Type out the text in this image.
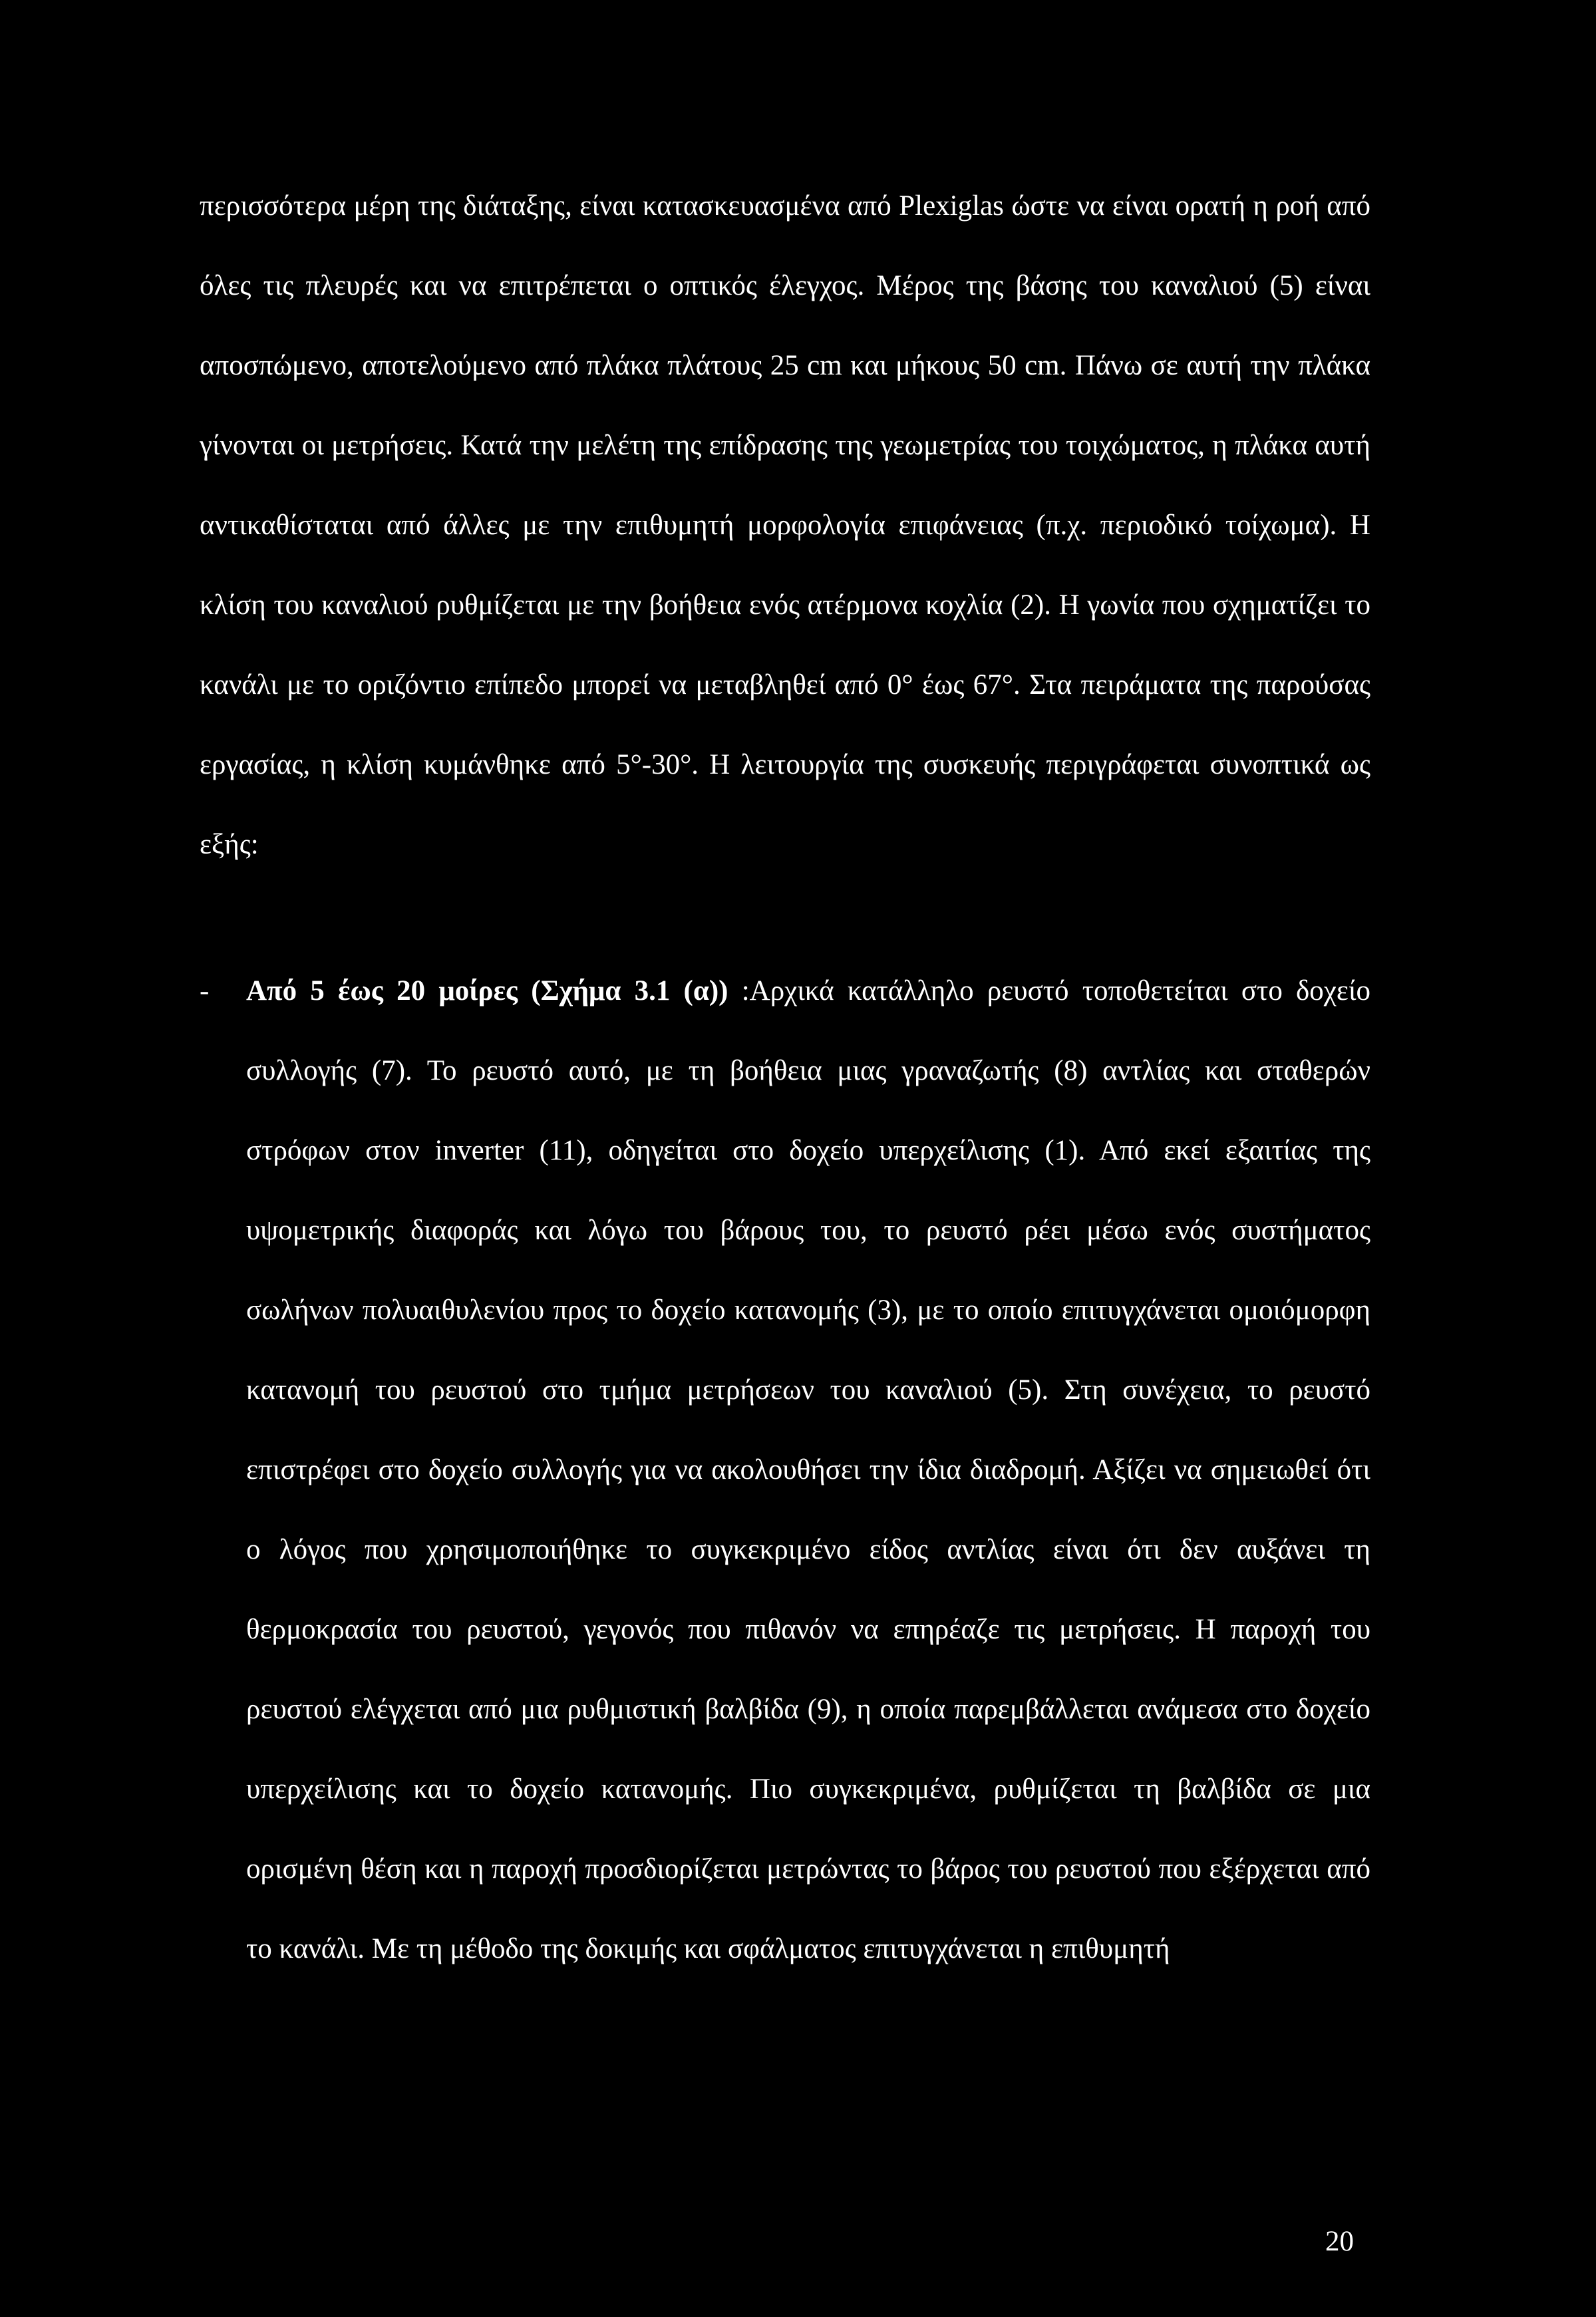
περισσότερα μέρη της διάταξης, είναι κατασκευασμένα από Plexiglas ώστε να είναι ορατή η ροή από όλες τις πλευρές και να επιτρέπεται ο οπτικός έλεγχος. Μέρος της βάσης του καναλιού (5) είναι αποσπώμενο, αποτελούμενο από πλάκα πλάτους 25 cm και μήκους 50 cm. Πάνω σε αυτή την πλάκα γίνονται οι μετρήσεις. Κατά την μελέτη της επίδρασης της γεωμετρίας του τοιχώματος, η πλάκα αυτή αντικαθίσταται από άλλες με την επιθυμητή μορφολογία επιφάνειας (π.χ. περιοδικό τοίχωμα). Η κλίση του καναλιού ρυθμίζεται με την βοήθεια ενός ατέρμονα κοχλία (2). Η γωνία που σχηματίζει το κανάλι με το οριζόντιο επίπεδο μπορεί να μεταβληθεί από 0° έως 67°. Στα πειράματα της παρούσας εργασίας, η κλίση κυμάνθηκε από 5°-30°. Η λειτουργία της συσκευής περιγράφεται συνοπτικά ως εξής:

- Από 5 έως 20 μοίρες (Σχήμα 3.1 (α)) :Αρχικά κατάλληλο ρευστό τοποθετείται στο δοχείο συλλογής (7). Το ρευστό αυτό, με τη βοήθεια μιας γραναζωτής (8) αντλίας και σταθερών στρόφων στον inverter (11), οδηγείται στο δοχείο υπερχείλισης (1). Από εκεί εξαιτίας της υψομετρικής διαφοράς και λόγω του βάρους του, το ρευστό ρέει μέσω ενός συστήματος σωλήνων πολυαιθυλενίου προς το δοχείο κατανομής (3), με το οποίο επιτυγχάνεται ομοιόμορφη κατανομή του ρευστού στο τμήμα μετρήσεων του καναλιού (5). Στη συνέχεια, το ρευστό επιστρέφει στο δοχείο συλλογής για να ακολουθήσει την ίδια διαδρομή. Αξίζει να σημειωθεί ότι ο λόγος που χρησιμοποιήθηκε το συγκεκριμένο είδος αντλίας είναι ότι δεν αυξάνει τη θερμοκρασία του ρευστού, γεγονός που πιθανόν να επηρέαζε τις μετρήσεις. Η παροχή του ρευστού ελέγχεται από μια ρυθμιστική βαλβίδα (9), η οποία παρεμβάλλεται ανάμεσα στο δοχείο υπερχείλισης και το δοχείο κατανομής. Πιο συγκεκριμένα, ρυθμίζεται τη βαλβίδα σε μια ορισμένη θέση και η παροχή προσδιορίζεται μετρώντας το βάρος του ρευστού που εξέρχεται από το κανάλι. Με τη μέθοδο της δοκιμής και σφάλματος επιτυγχάνεται η επιθυμητή

20
